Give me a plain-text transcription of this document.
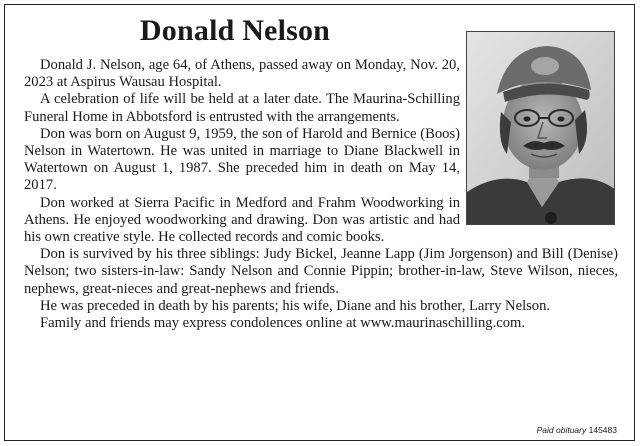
Donald Nelson

Donald J. Nelson, age 64, of Athens, passed away on Monday, Nov. 20, 2023 at Aspirus Wausau Hospital.

A celebration of life will be held at a later date. The Maurina-Schilling Funeral Home in Abbotsford is entrusted with the arrangements.

Don was born on August 9, 1959, the son of Harold and Bernice (Boos) Nelson in Watertown. He was united in marriage to Diane Blackwell in Watertown on August 1, 1987. She preceded him in death on May 14, 2017.

Don worked at Sierra Pacific in Medford and Frahm Woodworking in Athens. He enjoyed woodworking and drawing. Don was artistic and had his own creative style. He collected records and comic books.

Don is survived by his three siblings: Judy Bickel, Jeanne Lapp (Jim Jorgenson) and Bill (Denise) Nelson; two sisters-in-law: Sandy Nelson and Connie Pippin; brother-in-law, Steve Wilson, nieces, nephews, great-nieces and great-nephews and friends.

He was preceded in death by his parents; his wife, Diane and his brother, Larry Nelson.

Family and friends may express condolences online at www.maurinaschilling.com.

Paid obituary 145483
